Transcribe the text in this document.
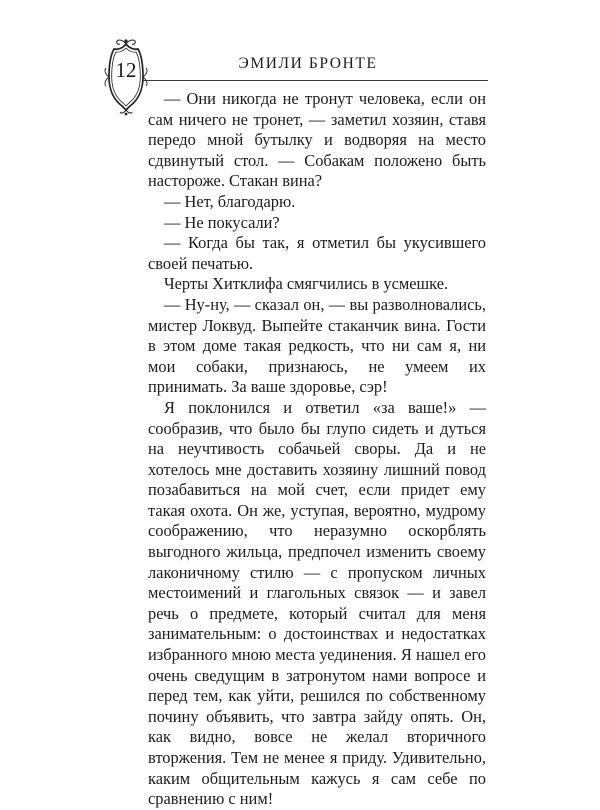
ЭМИЛИ БРОНТЕ
12

— Они никогда не тронут человека, если он сам ничего не тронет, — заметил хозяин, ставя передо мной бутылку и водворяя на место сдвинутый стол. — Собакам положено быть настороже. Стакан вина?

— Нет, благодарю.

— Не покусали?

— Когда бы так, я отметил бы укусившего своей печатью.

Черты Хитклифа смягчились в усмешке.

— Ну-ну, — сказал он, — вы разволновались, мистер Локвуд. Выпейте стаканчик вина. Гости в этом доме такая редкость, что ни сам я, ни мои собаки, признаюсь, не умеем их принимать. За ваше здоровье, сэр!

Я поклонился и ответил «за ваше!» — сообразив, что было бы глупо сидеть и дуться на неучтивость собачьей своры. Да и не хотелось мне доставить хозяину лишний повод позабавиться на мой счет, если придет ему такая охота. Он же, уступая, вероятно, мудрому соображению, что неразумно оскорблять выгодного жильца, предпочел изменить своему лаконичному стилю — с пропуском личных местоимений и глагольных связок — и завел речь о предмете, который считал для меня занимательным: о достоинствах и недостатках избранного мною места уединения. Я нашел его очень сведущим в затронутом нами вопросе и перед тем, как уйти, решился по собственному почину объявить, что завтра зайду опять. Он, как видно, вовсе не желал вторичного вторжения. Тем не менее я приду. Удивительно, каким общительным кажусь я сам себе по сравнению с ним!
